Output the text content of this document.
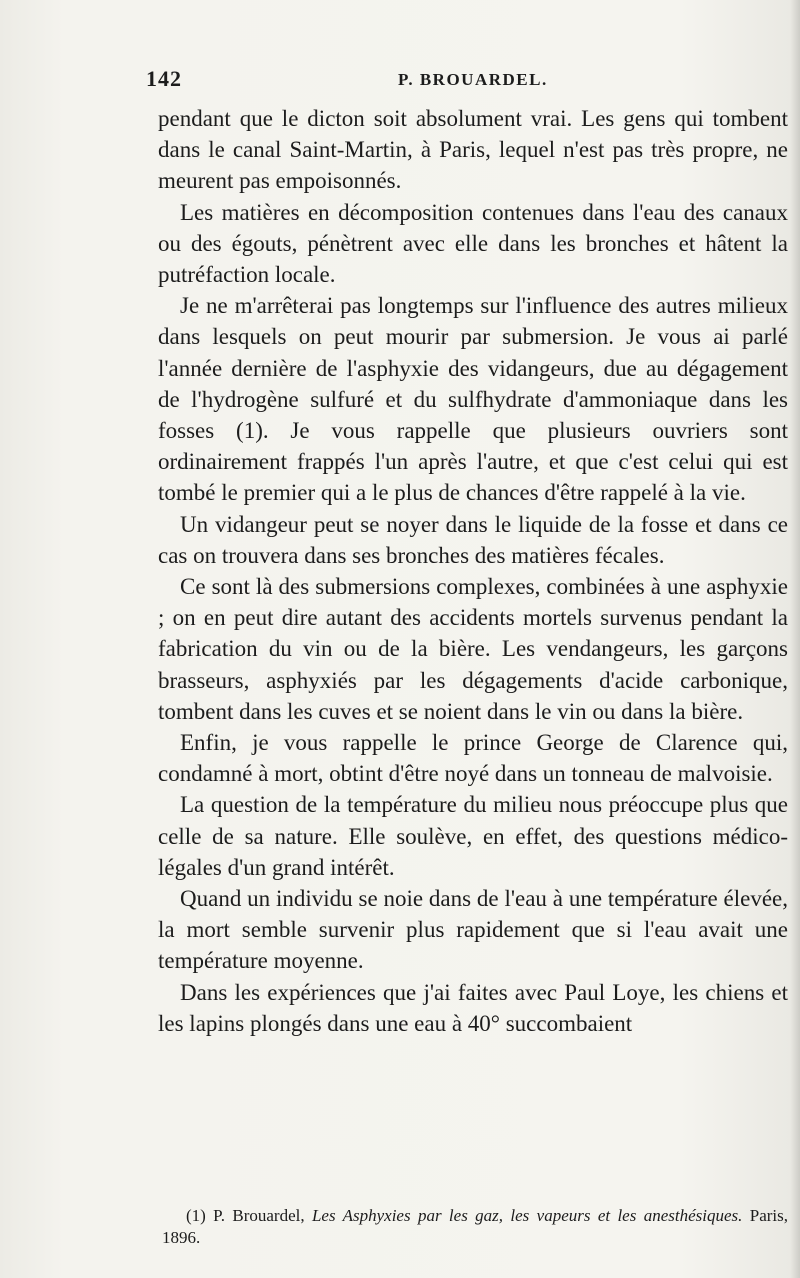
142	P. BROUARDEL.

pendant que le dicton soit absolument vrai. Les gens qui tombent dans le canal Saint-Martin, à Paris, lequel n'est pas très propre, ne meurent pas empoisonnés.

Les matières en décomposition contenues dans l'eau des canaux ou des égouts, pénètrent avec elle dans les bronches et hâtent la putréfaction locale.

Je ne m'arrêterai pas longtemps sur l'influence des autres milieux dans lesquels on peut mourir par submersion. Je vous ai parlé l'année dernière de l'asphyxie des vidangeurs, due au dégagement de l'hydrogène sulfuré et du sulfhydrate d'ammoniaque dans les fosses (1). Je vous rappelle que plusieurs ouvriers sont ordinairement frappés l'un après l'autre, et que c'est celui qui est tombé le premier qui a le plus de chances d'être rappelé à la vie.

Un vidangeur peut se noyer dans le liquide de la fosse et dans ce cas on trouvera dans ses bronches des matières fécales.

Ce sont là des submersions complexes, combinées à une asphyxie ; on en peut dire autant des accidents mortels survenus pendant la fabrication du vin ou de la bière. Les vendangeurs, les garçons brasseurs, asphyxiés par les dégagements d'acide carbonique, tombent dans les cuves et se noient dans le vin ou dans la bière.

Enfin, je vous rappelle le prince George de Clarence qui, condamné à mort, obtint d'être noyé dans un tonneau de malvoisie.

La question de la température du milieu nous préoccupe plus que celle de sa nature. Elle soulève, en effet, des questions médico-légales d'un grand intérêt.

Quand un individu se noie dans de l'eau à une température élevée, la mort semble survenir plus rapidement que si l'eau avait une température moyenne.

Dans les expériences que j'ai faites avec Paul Loye, les chiens et les lapins plongés dans une eau à 40° succombaient

(1) P. Brouardel, Les Asphyxies par les gaz, les vapeurs et les anesthésiques. Paris, 1896.
